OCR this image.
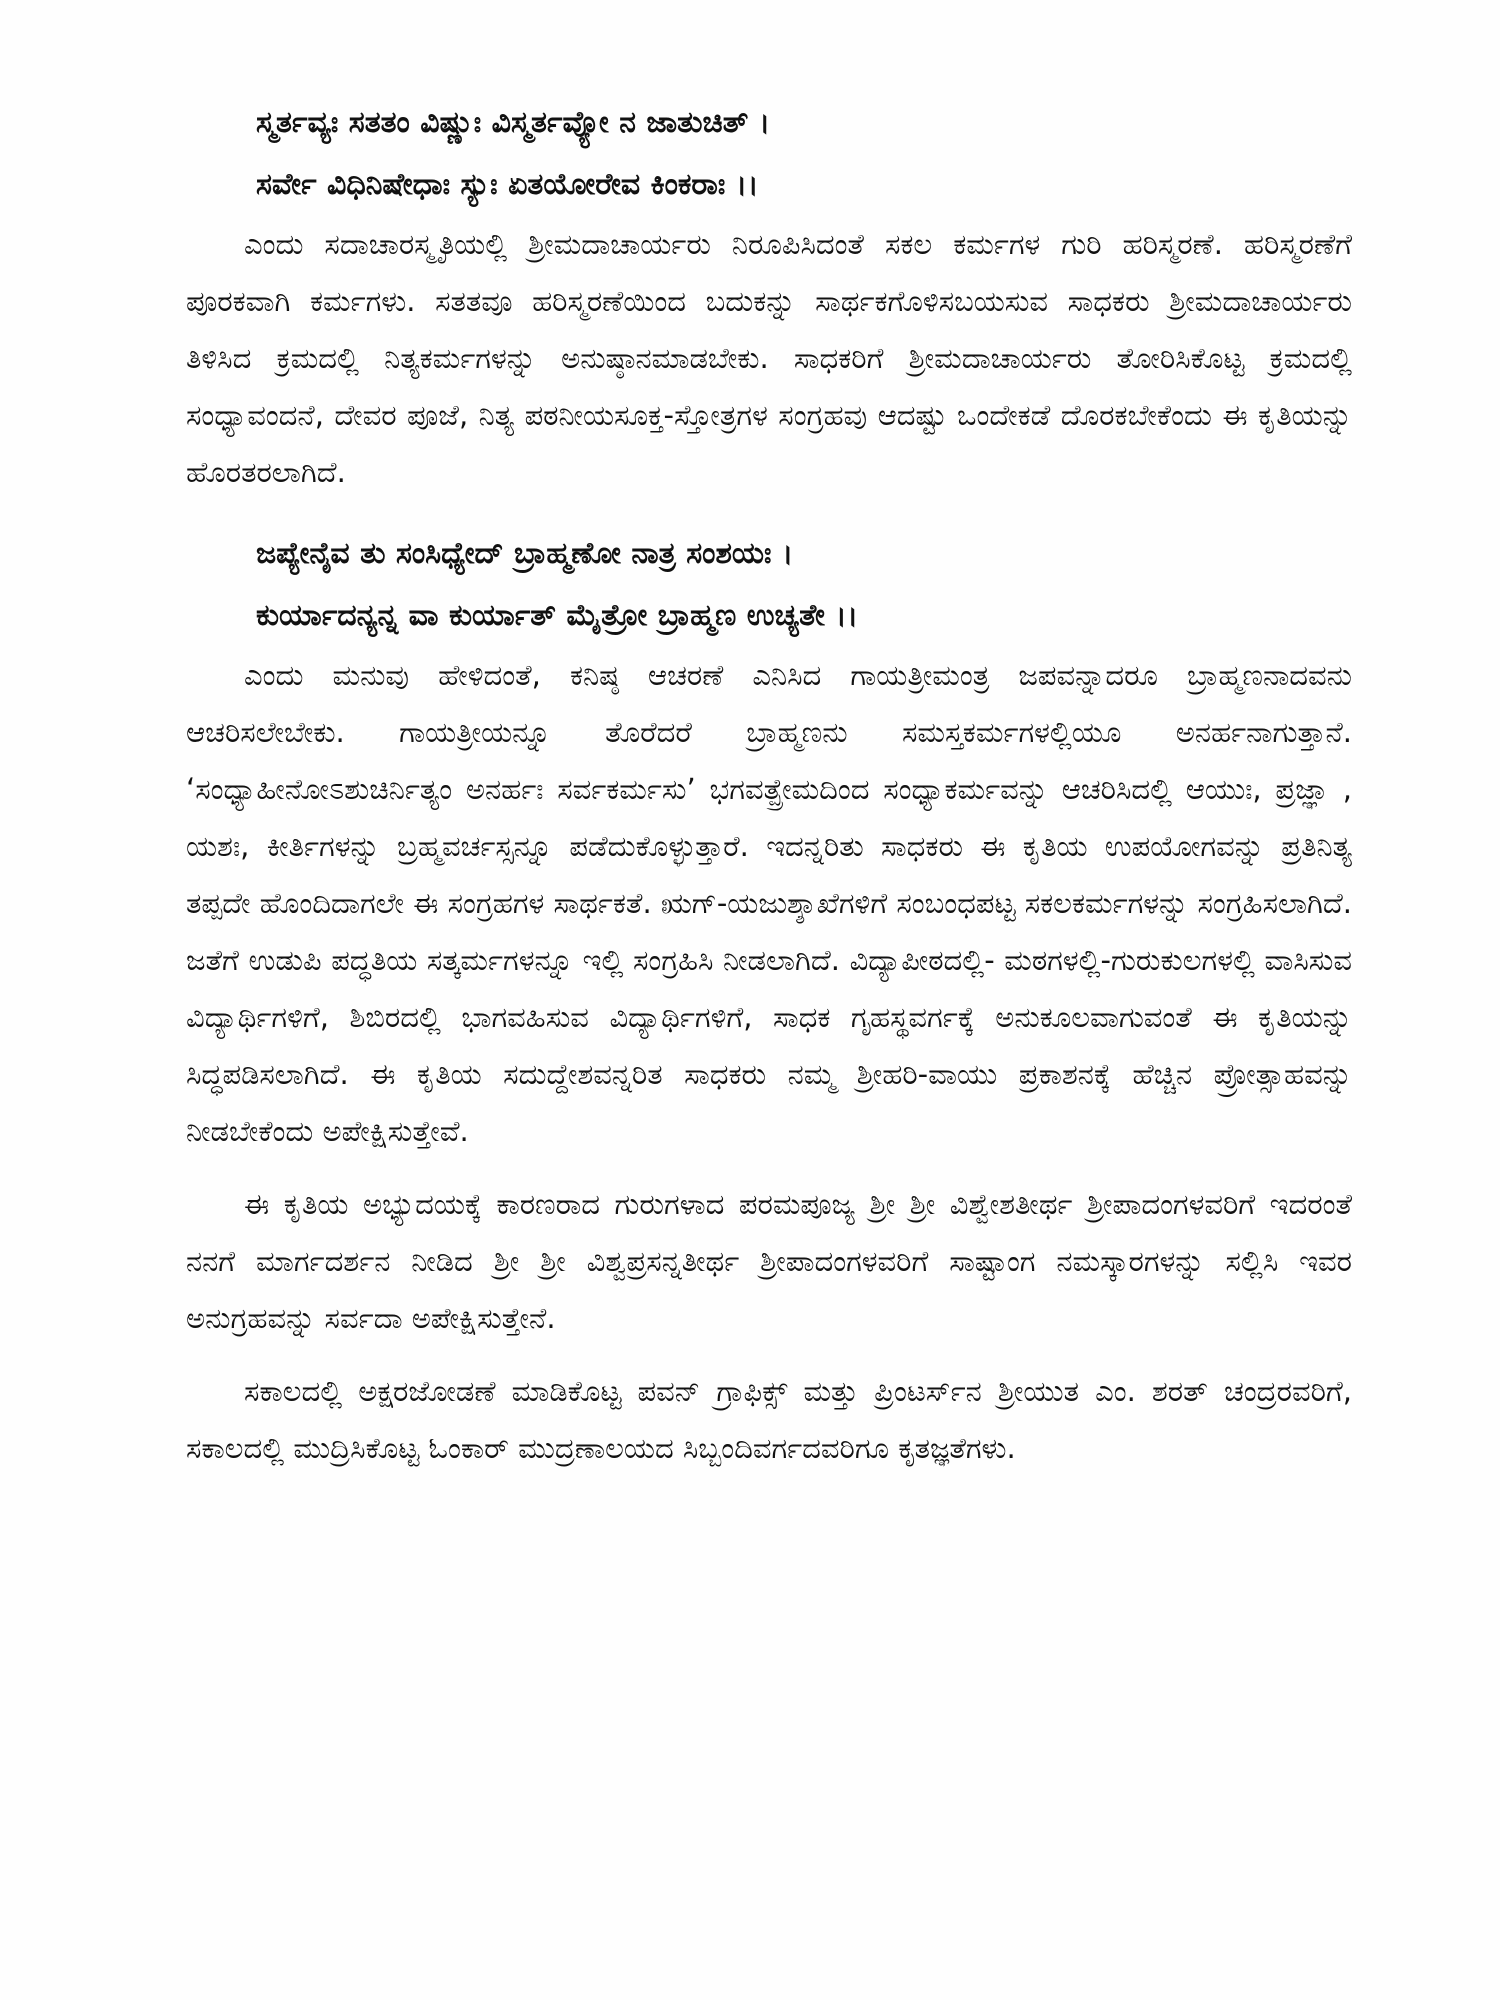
ಸ್ಮರ್ತವ್ಯಃ ಸತತಂ ವಿಷ್ಣುಃ ವಿಸ್ಮರ್ತವ್ಯೋ ನ ಜಾತುಚಿತ್ ।

ಸರ್ವೇ ವಿಧಿನಿಷೇಧಾಃ ಸ್ಯುಃ ಏತಯೋರೇವ ಕಿಂಕರಾಃ ।।

ಎಂದು ಸದಾಚಾರಸ್ಮೃತಿಯಲ್ಲಿ ಶ್ರೀಮದಾಚಾರ್ಯರು ನಿರೂಪಿಸಿದಂತೆ ಸಕಲ ಕರ್ಮಗಳ ಗುರಿ ಹರಿಸ್ಮರಣೆ. ಹರಿಸ್ಮರಣೆಗೆ ಪೂರಕವಾಗಿ ಕರ್ಮಗಳು. ಸತತವೂ ಹರಿಸ್ಮರಣೆಯಿಂದ ಬದುಕನ್ನು ಸಾರ್ಥಕಗೊಳಿಸಬಯಸುವ ಸಾಧಕರು ಶ್ರೀಮದಾಚಾರ್ಯರು ತಿಳಿಸಿದ ಕ್ರಮದಲ್ಲಿ ನಿತ್ಯಕರ್ಮಗಳನ್ನು ಅನುಷ್ಠಾನಮಾಡಬೇಕು. ಸಾಧಕರಿಗೆ ಶ್ರೀಮದಾಚಾರ್ಯರು ತೋರಿಸಿಕೊಟ್ಟ ಕ್ರಮದಲ್ಲಿ ಸಂಧ್ಯಾವಂದನೆ, ದೇವರ ಪೂಜೆ, ನಿತ್ಯ ಪಠನೀಯಸೂಕ್ತ-ಸ್ತೋತ್ರಗಳ ಸಂಗ್ರಹವು ಆದಷ್ಟು ಒಂದೇಕಡೆ ದೊರಕಬೇಕೆಂದು ಈ ಕೃತಿಯನ್ನು ಹೊರತರಲಾಗಿದೆ.

ಜಪ್ಯೇನೈವ ತು ಸಂಸಿಧ್ಯೇದ್ ಬ್ರಾಹ್ಮಣೋ ನಾತ್ರ ಸಂಶಯಃ ।

ಕುರ್ಯಾದನ್ಯನ್ನ ವಾ ಕುರ್ಯಾತ್ ಮೈತ್ರೋ ಬ್ರಾಹ್ಮಣ ಉಚ್ಯತೇ ।।

ಎಂದು ಮನುವು ಹೇಳಿದಂತೆ, ಕನಿಷ್ಠ ಆಚರಣೆ ಎನಿಸಿದ ಗಾಯತ್ರೀಮಂತ್ರ ಜಪವನ್ನಾದರೂ ಬ್ರಾಹ್ಮಣನಾದವನು ಆಚರಿಸಲೇಬೇಕು. ಗಾಯತ್ರೀಯನ್ನೂ ತೊರೆದರೆ ಬ್ರಾಹ್ಮಣನು ಸಮಸ್ತಕರ್ಮಗಳಲ್ಲಿಯೂ ಅನರ್ಹನಾಗುತ್ತಾನೆ. ‘ಸಂಧ್ಯಾಹೀನೋಽಶುಚಿರ್ನಿತ್ಯಂ ಅನರ್ಹಃ ಸರ್ವಕರ್ಮಸು’ ಭಗವತ್ಪ್ರೇಮದಿಂದ ಸಂಧ್ಯಾಕರ್ಮವನ್ನು ಆಚರಿಸಿದಲ್ಲಿ ಆಯುಃ, ಪ್ರಜ್ಞಾ , ಯಶಃ, ಕೀರ್ತಿಗಳನ್ನು ಬ್ರಹ್ಮವರ್ಚಸ್ಸನ್ನೂ ಪಡೆದುಕೊಳ್ಳುತ್ತಾರೆ. ಇದನ್ನರಿತು ಸಾಧಕರು ಈ ಕೃತಿಯ ಉಪಯೋಗವನ್ನು ಪ್ರತಿನಿತ್ಯ ತಪ್ಪದೇ ಹೊಂದಿದಾಗಲೇ ಈ ಸಂಗ್ರಹಗಳ ಸಾರ್ಥಕತೆ. ಋಗ್-ಯಜುಶ್ಶಾಖೆಗಳಿಗೆ ಸಂಬಂಧಪಟ್ಟ ಸಕಲಕರ್ಮಗಳನ್ನು ಸಂಗ್ರಹಿಸಲಾಗಿದೆ. ಜತೆಗೆ ಉಡುಪಿ ಪದ್ಧತಿಯ ಸತ್ಕರ್ಮಗಳನ್ನೂ ಇಲ್ಲಿ ಸಂಗ್ರಹಿಸಿ ನೀಡಲಾಗಿದೆ. ವಿದ್ಯಾಪೀಠದಲ್ಲಿ- ಮಠಗಳಲ್ಲಿ-ಗುರುಕುಲಗಳಲ್ಲಿ ವಾಸಿಸುವ ವಿದ್ಯಾರ್ಥಿಗಳಿಗೆ, ಶಿಬಿರದಲ್ಲಿ ಭಾಗವಹಿಸುವ ವಿದ್ಯಾರ್ಥಿಗಳಿಗೆ, ಸಾಧಕ ಗೃಹಸ್ಥವರ್ಗಕ್ಕೆ ಅನುಕೂಲವಾಗುವಂತೆ ಈ ಕೃತಿಯನ್ನು ಸಿದ್ಧಪಡಿಸಲಾಗಿದೆ. ಈ ಕೃತಿಯ ಸದುದ್ದೇಶವನ್ನರಿತ ಸಾಧಕರು ನಮ್ಮ ಶ್ರೀಹರಿ-ವಾಯು ಪ್ರಕಾಶನಕ್ಕೆ ಹೆಚ್ಚಿನ ಪ್ರೋತ್ಸಾಹವನ್ನು ನೀಡಬೇಕೆಂದು ಅಪೇಕ್ಷಿಸುತ್ತೇವೆ.

ಈ ಕೃತಿಯ ಅಭ್ಯುದಯಕ್ಕೆ ಕಾರಣರಾದ ಗುರುಗಳಾದ ಪರಮಪೂಜ್ಯ ಶ್ರೀ ಶ್ರೀ ವಿಶ್ವೇಶತೀರ್ಥ ಶ್ರೀಪಾದಂಗಳವರಿಗೆ ಇದರಂತೆ ನನಗೆ ಮಾರ್ಗದರ್ಶನ ನೀಡಿದ ಶ್ರೀ ಶ್ರೀ ವಿಶ್ವಪ್ರಸನ್ನತೀರ್ಥ ಶ್ರೀಪಾದಂಗಳವರಿಗೆ ಸಾಷ್ಟಾಂಗ ನಮಸ್ಕಾರಗಳನ್ನು ಸಲ್ಲಿಸಿ ಇವರ ಅನುಗ್ರಹವನ್ನು ಸರ್ವದಾ ಅಪೇಕ್ಷಿಸುತ್ತೇನೆ.

ಸಕಾಲದಲ್ಲಿ ಅಕ್ಷರಜೋಡಣೆ ಮಾಡಿಕೊಟ್ಟ ಪವನ್ ಗ್ರಾಫಿಕ್ಸ್ ಮತ್ತು ಪ್ರಿಂಟರ್ಸ್‌ನ ಶ್ರೀಯುತ ಎಂ. ಶರತ್ ಚಂದ್ರರವರಿಗೆ, ಸಕಾಲದಲ್ಲಿ ಮುದ್ರಿಸಿಕೊಟ್ಟ ಓಂಕಾರ್ ಮುದ್ರಣಾಲಯದ ಸಿಬ್ಬಂದಿವರ್ಗದವರಿಗೂ ಕೃತಜ್ಞತೆಗಳು.
